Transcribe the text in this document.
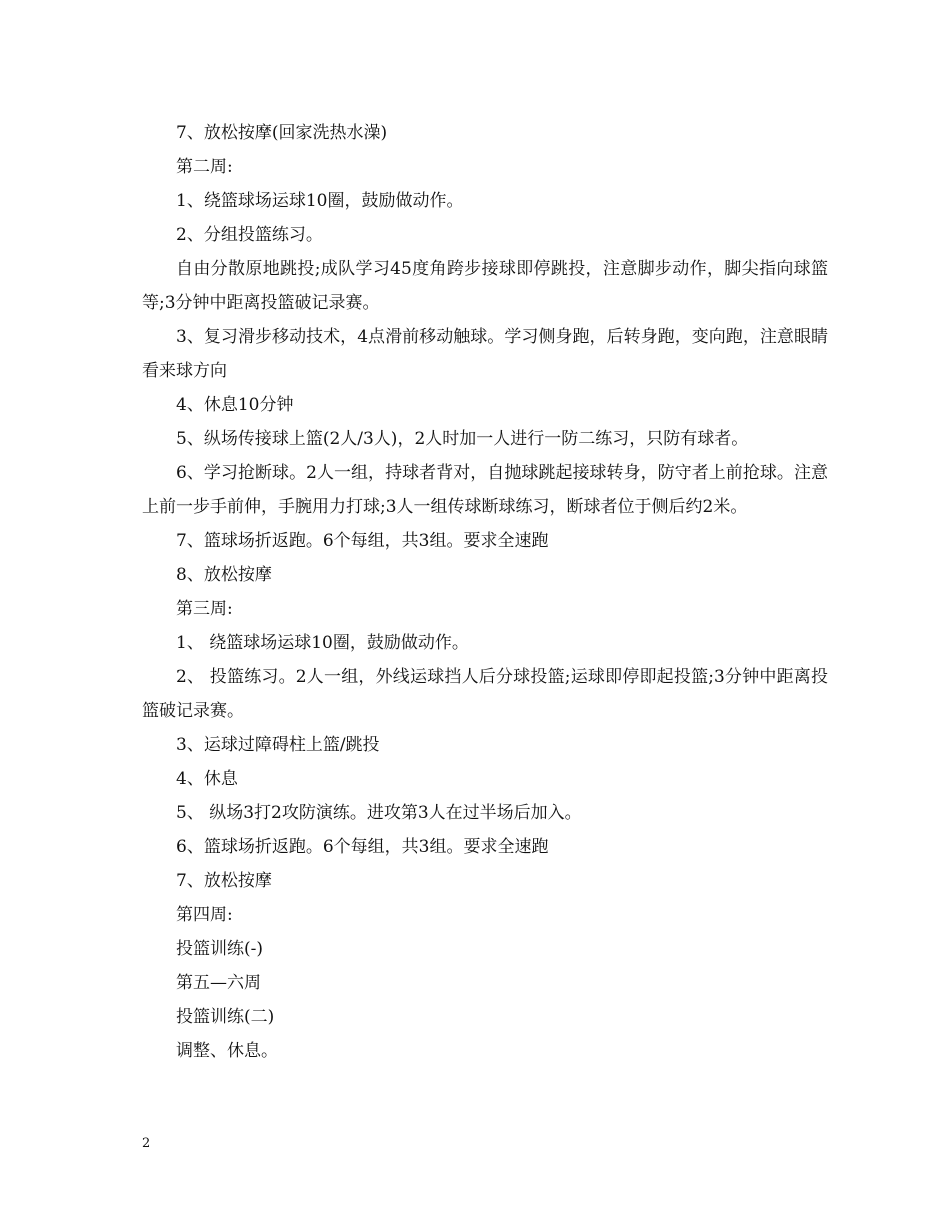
7、放松按摩(回家洗热水澡)

第二周:

1、绕篮球场运球10圈，鼓励做动作。

2、分组投篮练习。

自由分散原地跳投;成队学习45度角跨步接球即停跳投，注意脚步动作，脚尖指向球篮等;3分钟中距离投篮破记录赛。

3、复习滑步移动技术，4点滑前移动触球。学习侧身跑，后转身跑，变向跑，注意眼睛看来球方向

4、休息10分钟

5、纵场传接球上篮(2人/3人)，2人时加一人进行一防二练习，只防有球者。

6、学习抢断球。2人一组，持球者背对，自抛球跳起接球转身，防守者上前抢球。注意上前一步手前伸，手腕用力打球;3人一组传球断球练习，断球者位于侧后约2米。

7、篮球场折返跑。6个每组，共3组。要求全速跑

8、放松按摩

第三周:

1、 绕篮球场运球10圈，鼓励做动作。

2、 投篮练习。2人一组，外线运球挡人后分球投篮;运球即停即起投篮;3分钟中距离投篮破记录赛。

3、运球过障碍柱上篮/跳投

4、休息

5、 纵场3打2攻防演练。进攻第3人在过半场后加入。

6、篮球场折返跑。6个每组，共3组。要求全速跑

7、放松按摩

第四周:

投篮训练(-)

第五—六周

投篮训练(二)

调整、休息。

2
